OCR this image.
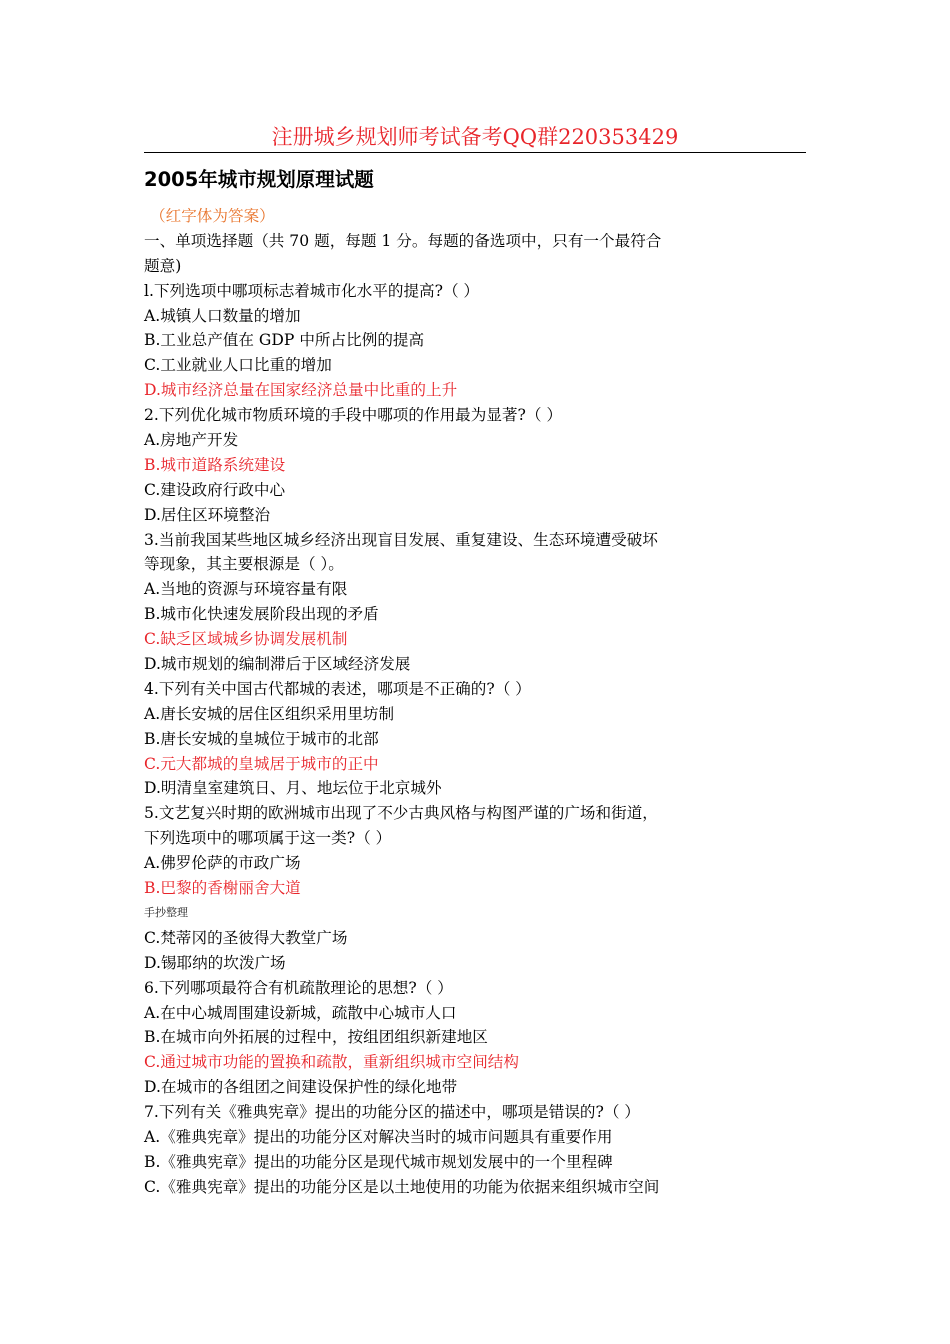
注册城乡规划师考试备考QQ群220353429
2005年城市规划原理试题
（红字体为答案）
一、单项选择题（共 70 题，每题 1 分。每题的备选项中，只有一个最符合
题意)
l.下列选项中哪项标志着城市化水平的提高?（ ）
A.城镇人口数量的增加
B.工业总产值在 GDP 中所占比例的提高
C.工业就业人口比重的增加
D.城市经济总量在国家经济总量中比重的上升
2.下列优化城市物质环境的手段中哪项的作用最为显著?（ ）
A.房地产开发
B.城市道路系统建设
C.建设政府行政中心
D.居住区环境整治
3.当前我国某些地区城乡经济出现盲目发展、重复建设、生态环境遭受破坏
等现象，其主要根源是（ ）。
A.当地的资源与环境容量有限
B.城市化快速发展阶段出现的矛盾
C.缺乏区域城乡协调发展机制
D.城市规划的编制滞后于区域经济发展
4.下列有关中国古代都城的表述，哪项是不正确的?（ ）
A.唐长安城的居住区组织采用里坊制
B.唐长安城的皇城位于城市的北部
C.元大都城的皇城居于城市的正中
D.明清皇室建筑日、月、地坛位于北京城外
5.文艺复兴时期的欧洲城市出现了不少古典风格与构图严谨的广场和街道，
下列选项中的哪项属于这一类?（ ）
A.佛罗伦萨的市政广场
B.巴黎的香榭丽舍大道
手抄整理
C.梵蒂冈的圣彼得大教堂广场
D.锡耶纳的坎泼广场
6.下列哪项最符合有机疏散理论的思想?（ ）
A.在中心城周围建设新城，疏散中心城市人口
B.在城市向外拓展的过程中，按组团组织新建地区
C.通过城市功能的置换和疏散，重新组织城市空间结构
D.在城市的各组团之间建设保护性的绿化地带
7.下列有关《雅典宪章》提出的功能分区的描述中，哪项是错误的?（ ）
A.《雅典宪章》提出的功能分区对解决当时的城市问题具有重要作用
B.《雅典宪章》提出的功能分区是现代城市规划发展中的一个里程碑
C.《雅典宪章》提出的功能分区是以土地使用的功能为依据来组织城市空间
